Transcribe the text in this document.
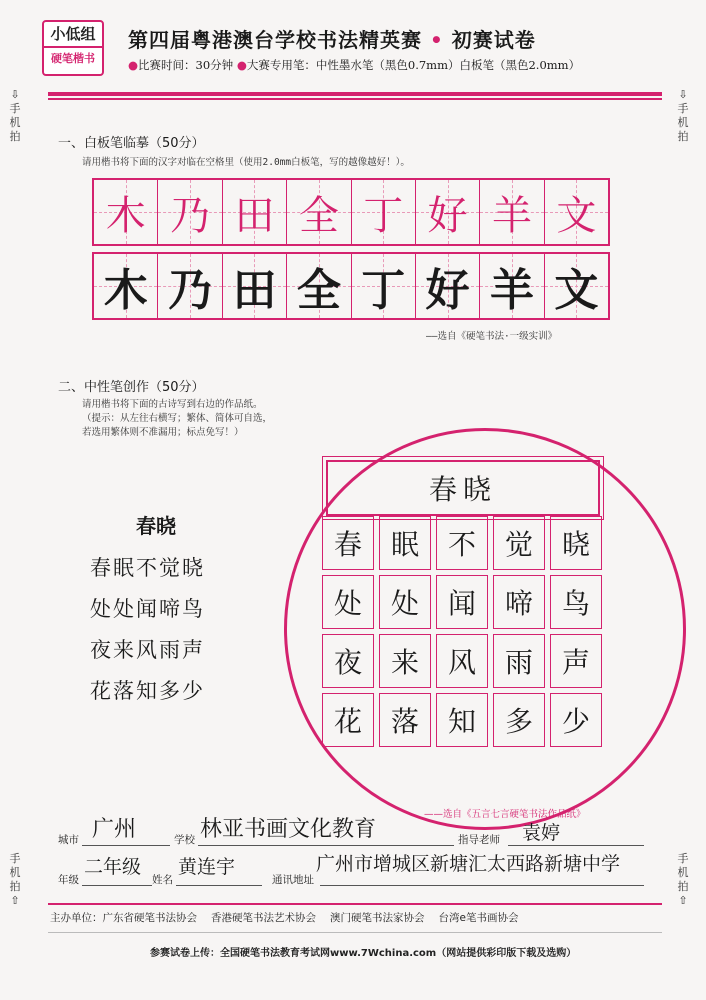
小低组
硬笔楷书
第四届粤港澳台学校书法精英赛 • 初赛试卷
●比赛时间：30分钟 ●大赛专用笔：中性墨水笔（黑色0.7mm）白板笔（黑色2.0mm）
⇩
手
机
拍
⇩
手
机
拍
手
机
拍
⇧
手
机
拍
⇧
一、白板笔临摹（50分）
请用楷书将下面的汉字对临在空格里（使用2.0mm白板笔，写的越像越好！）。
木 乃 田 全 丁 好 羊 文
木 乃 田 全 丁 好 羊 文
——选自《硬笔书法·一级实训》
二、中性笔创作（50分）
请用楷书将下面的古诗写到右边的作品纸。
（提示：从左往右横写；繁体、简体可自选，
若选用繁体则不准漏用；标点免写！）
春晓
春眠不觉晓
处处闻啼鸟
夜来风雨声
花落知多少
春晓
春 眠 不 觉 晓
处 处 闻 啼 鸟
夜 来 风 雨 声
花 落 知 多 少
——选自《五言七言硬笔书法作品纸》
城市 广州	学校 林亚书画文化教育	指导老师 袁婷
年级
二年级
姓名
黄连宇
通讯地址
广州市增城区新塘汇太西路新塘中学
主办单位： 广东省硬笔书法协会 香港硬笔书法艺术协会 澳门硬笔书法家协会 台湾e笔书画协会
参赛试卷上传：全国硬笔书法教育考试网www.7Wchina.com（网站提供彩印版下载及选购）
